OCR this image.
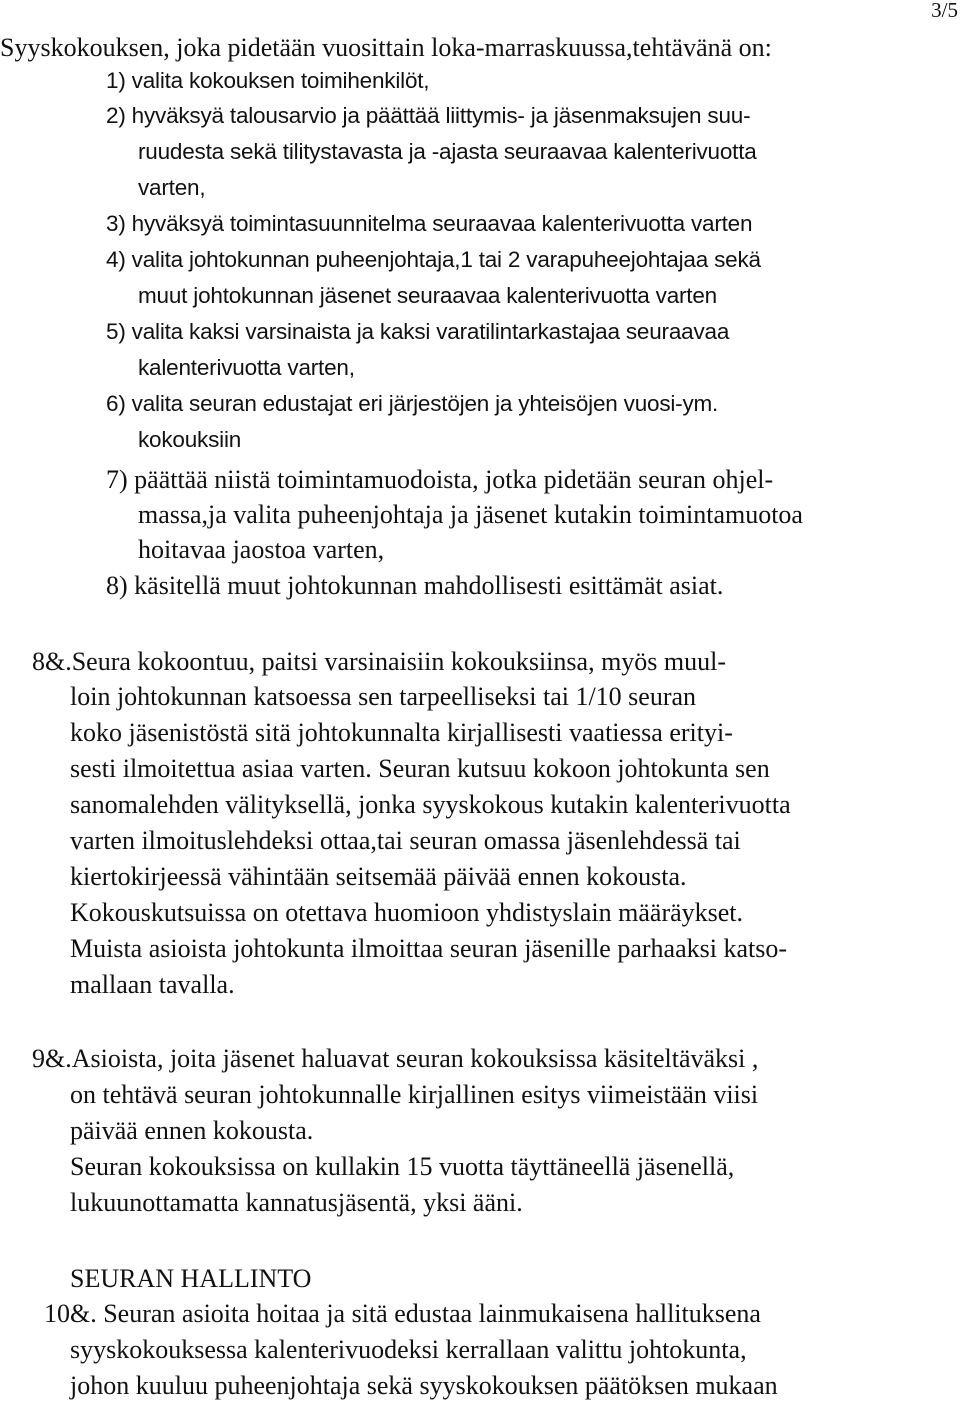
3/5
Syyskokouksen, joka pidetään vuosittain loka-marraskuussa,tehtävänä on:
1) valita kokouksen toimihenkilöt,
2) hyväksyä talousarvio ja päättää liittymis- ja jäsenmaksujen suu-
ruudesta sekä tilitystavasta ja -ajasta seuraavaa kalenterivuotta
varten,
3) hyväksyä toimintasuunnitelma seuraavaa kalenterivuotta varten
4) valita johtokunnan puheenjohtaja,1 tai 2 varapuheejohtajaa sekä
muut johtokunnan jäsenet seuraavaa kalenterivuotta varten
5) valita kaksi varsinaista ja kaksi varatilintarkastajaa seuraavaa
kalenterivuotta varten,
6) valita seuran edustajat eri järjestöjen ja yhteisöjen vuosi-ym.
kokouksiin
7) päättää niistä toimintamuodoista, jotka pidetään seuran ohjel-
massa,ja valita puheenjohtaja ja jäsenet kutakin toimintamuotoa
hoitavaa jaostoa varten,
8) käsitellä muut johtokunnan mahdollisesti esittämät asiat.
8&.Seura kokoontuu, paitsi varsinaisiin kokouksiinsa, myös muul-
loin johtokunnan katsoessa sen tarpeelliseksi tai 1/10 seuran
koko jäsenistöstä sitä johtokunnalta kirjallisesti vaatiessa erityi-
sesti ilmoitettua asiaa varten. Seuran kutsuu kokoon johtokunta sen
sanomalehden välityksellä, jonka syyskokous kutakin kalenterivuotta
varten ilmoituslehdeksi ottaa,tai seuran omassa jäsenlehdessä tai
kiertokirjeessä vähintään seitsemää päivää ennen kokousta.
Kokouskutsuissa on otettava huomioon yhdistyslain määräykset.
Muista asioista johtokunta ilmoittaa seuran jäsenille parhaaksi katso-
mallaan tavalla.
9&.Asioista, joita jäsenet haluavat seuran kokouksissa käsiteltäväksi ,
on tehtävä seuran johtokunnalle kirjallinen esitys viimeistään viisi
päivää ennen kokousta.
Seuran kokouksissa on kullakin 15 vuotta täyttäneellä jäsenellä,
lukuunottamatta kannatusjäsentä, yksi ääni.
SEURAN HALLINTO
10&. Seuran asioita hoitaa ja sitä edustaa lainmukaisena hallituksena
syyskokouksessa kalenterivuodeksi kerrallaan valittu johtokunta,
johon kuuluu puheenjohtaja sekä syyskokouksen päätöksen mukaan
